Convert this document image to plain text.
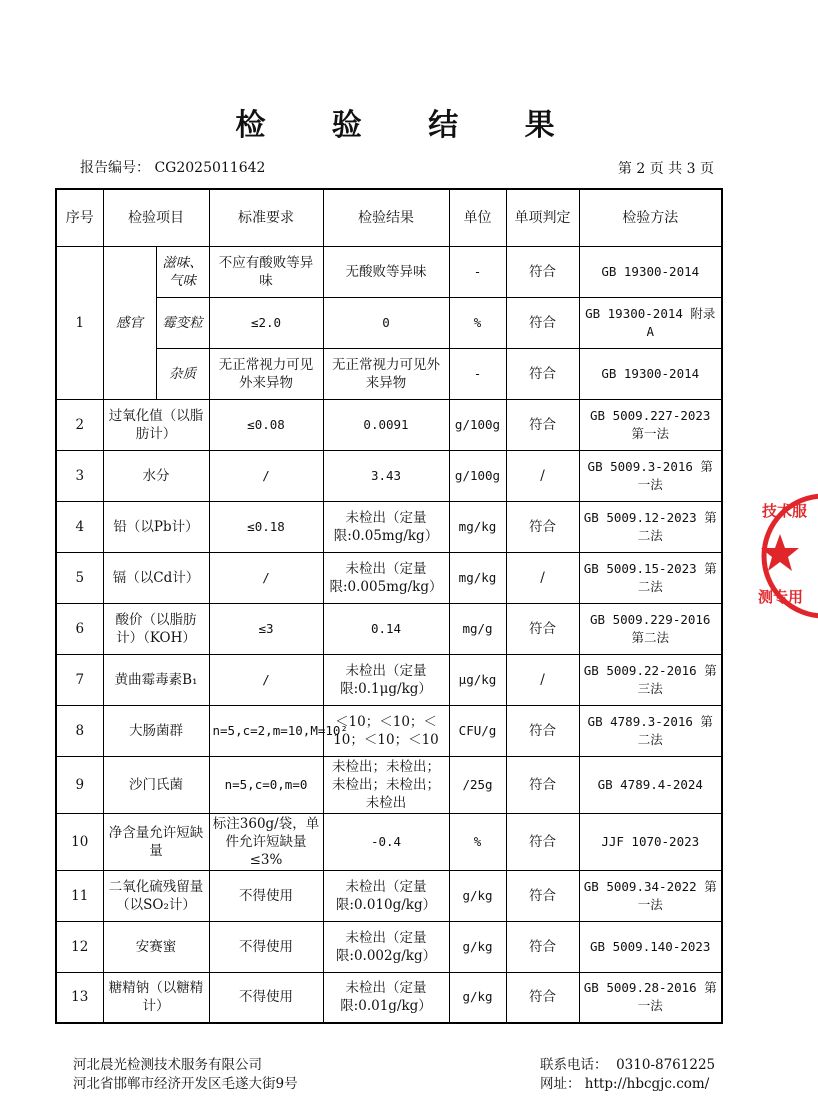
检 验 结 果
报告编号： CG2025011642	第 2 页 共 3 页
序号	检验项目		标准要求	检验结果	单位	单项判定	检验方法
1	感官	滋味、气味	不应有酸败等异味	无酸败等异味	-	符合	GB 19300-2014
		霉变粒	≤2.0	0	%	符合	GB 19300-2014 附录A
		杂质	无正常视力可见外来异物	无正常视力可见外来异物	-	符合	GB 19300-2014
2	过氧化值（以脂肪计）		≤0.08	0.0091	g/100g	符合	GB 5009.227-2023 第一法
3	水分		/	3.43	g/100g	/	GB 5009.3-2016 第一法
4	铅（以Pb计）		≤0.18	未检出（定量限:0.05mg/kg）	mg/kg	符合	GB 5009.12-2023 第二法
5	镉（以Cd计）		/	未检出（定量限:0.005mg/kg）	mg/kg	/	GB 5009.15-2023 第二法
6	酸价（以脂肪计）（KOH）		≤3	0.14	mg/g	符合	GB 5009.229-2016 第二法
7	黄曲霉毒素B₁		/	未检出（定量限:0.1μg/kg）	μg/kg	/	GB 5009.22-2016 第三法
8	大肠菌群		n=5,c=2,m=10,M=10²	＜10；＜10；＜10；＜10；＜10	CFU/g	符合	GB 4789.3-2016 第二法
9	沙门氏菌		n=5,c=0,m=0	未检出；未检出；未检出；未检出；未检出	/25g	符合	GB 4789.4-2024
10	净含量允许短缺量		标注360g/袋，单件允许短缺量≤3%	-0.4	%	符合	JJF 1070-2023
11	二氧化硫残留量（以SO₂计）		不得使用	未检出（定量限:0.010g/kg）	g/kg	符合	GB 5009.34-2022 第一法
12	安赛蜜		不得使用	未检出（定量限:0.002g/kg）	g/kg	符合	GB 5009.140-2023
13	糖精钠（以糖精计）		不得使用	未检出（定量限:0.01g/kg）	g/kg	符合	GB 5009.28-2016 第一法
技术服
测专用
河北晨光检测技术服务有限公司
河北省邯郸市经济开发区毛遂大街9号
联系电话：  0310-8761225
网址： http://hbcgjc.com/
